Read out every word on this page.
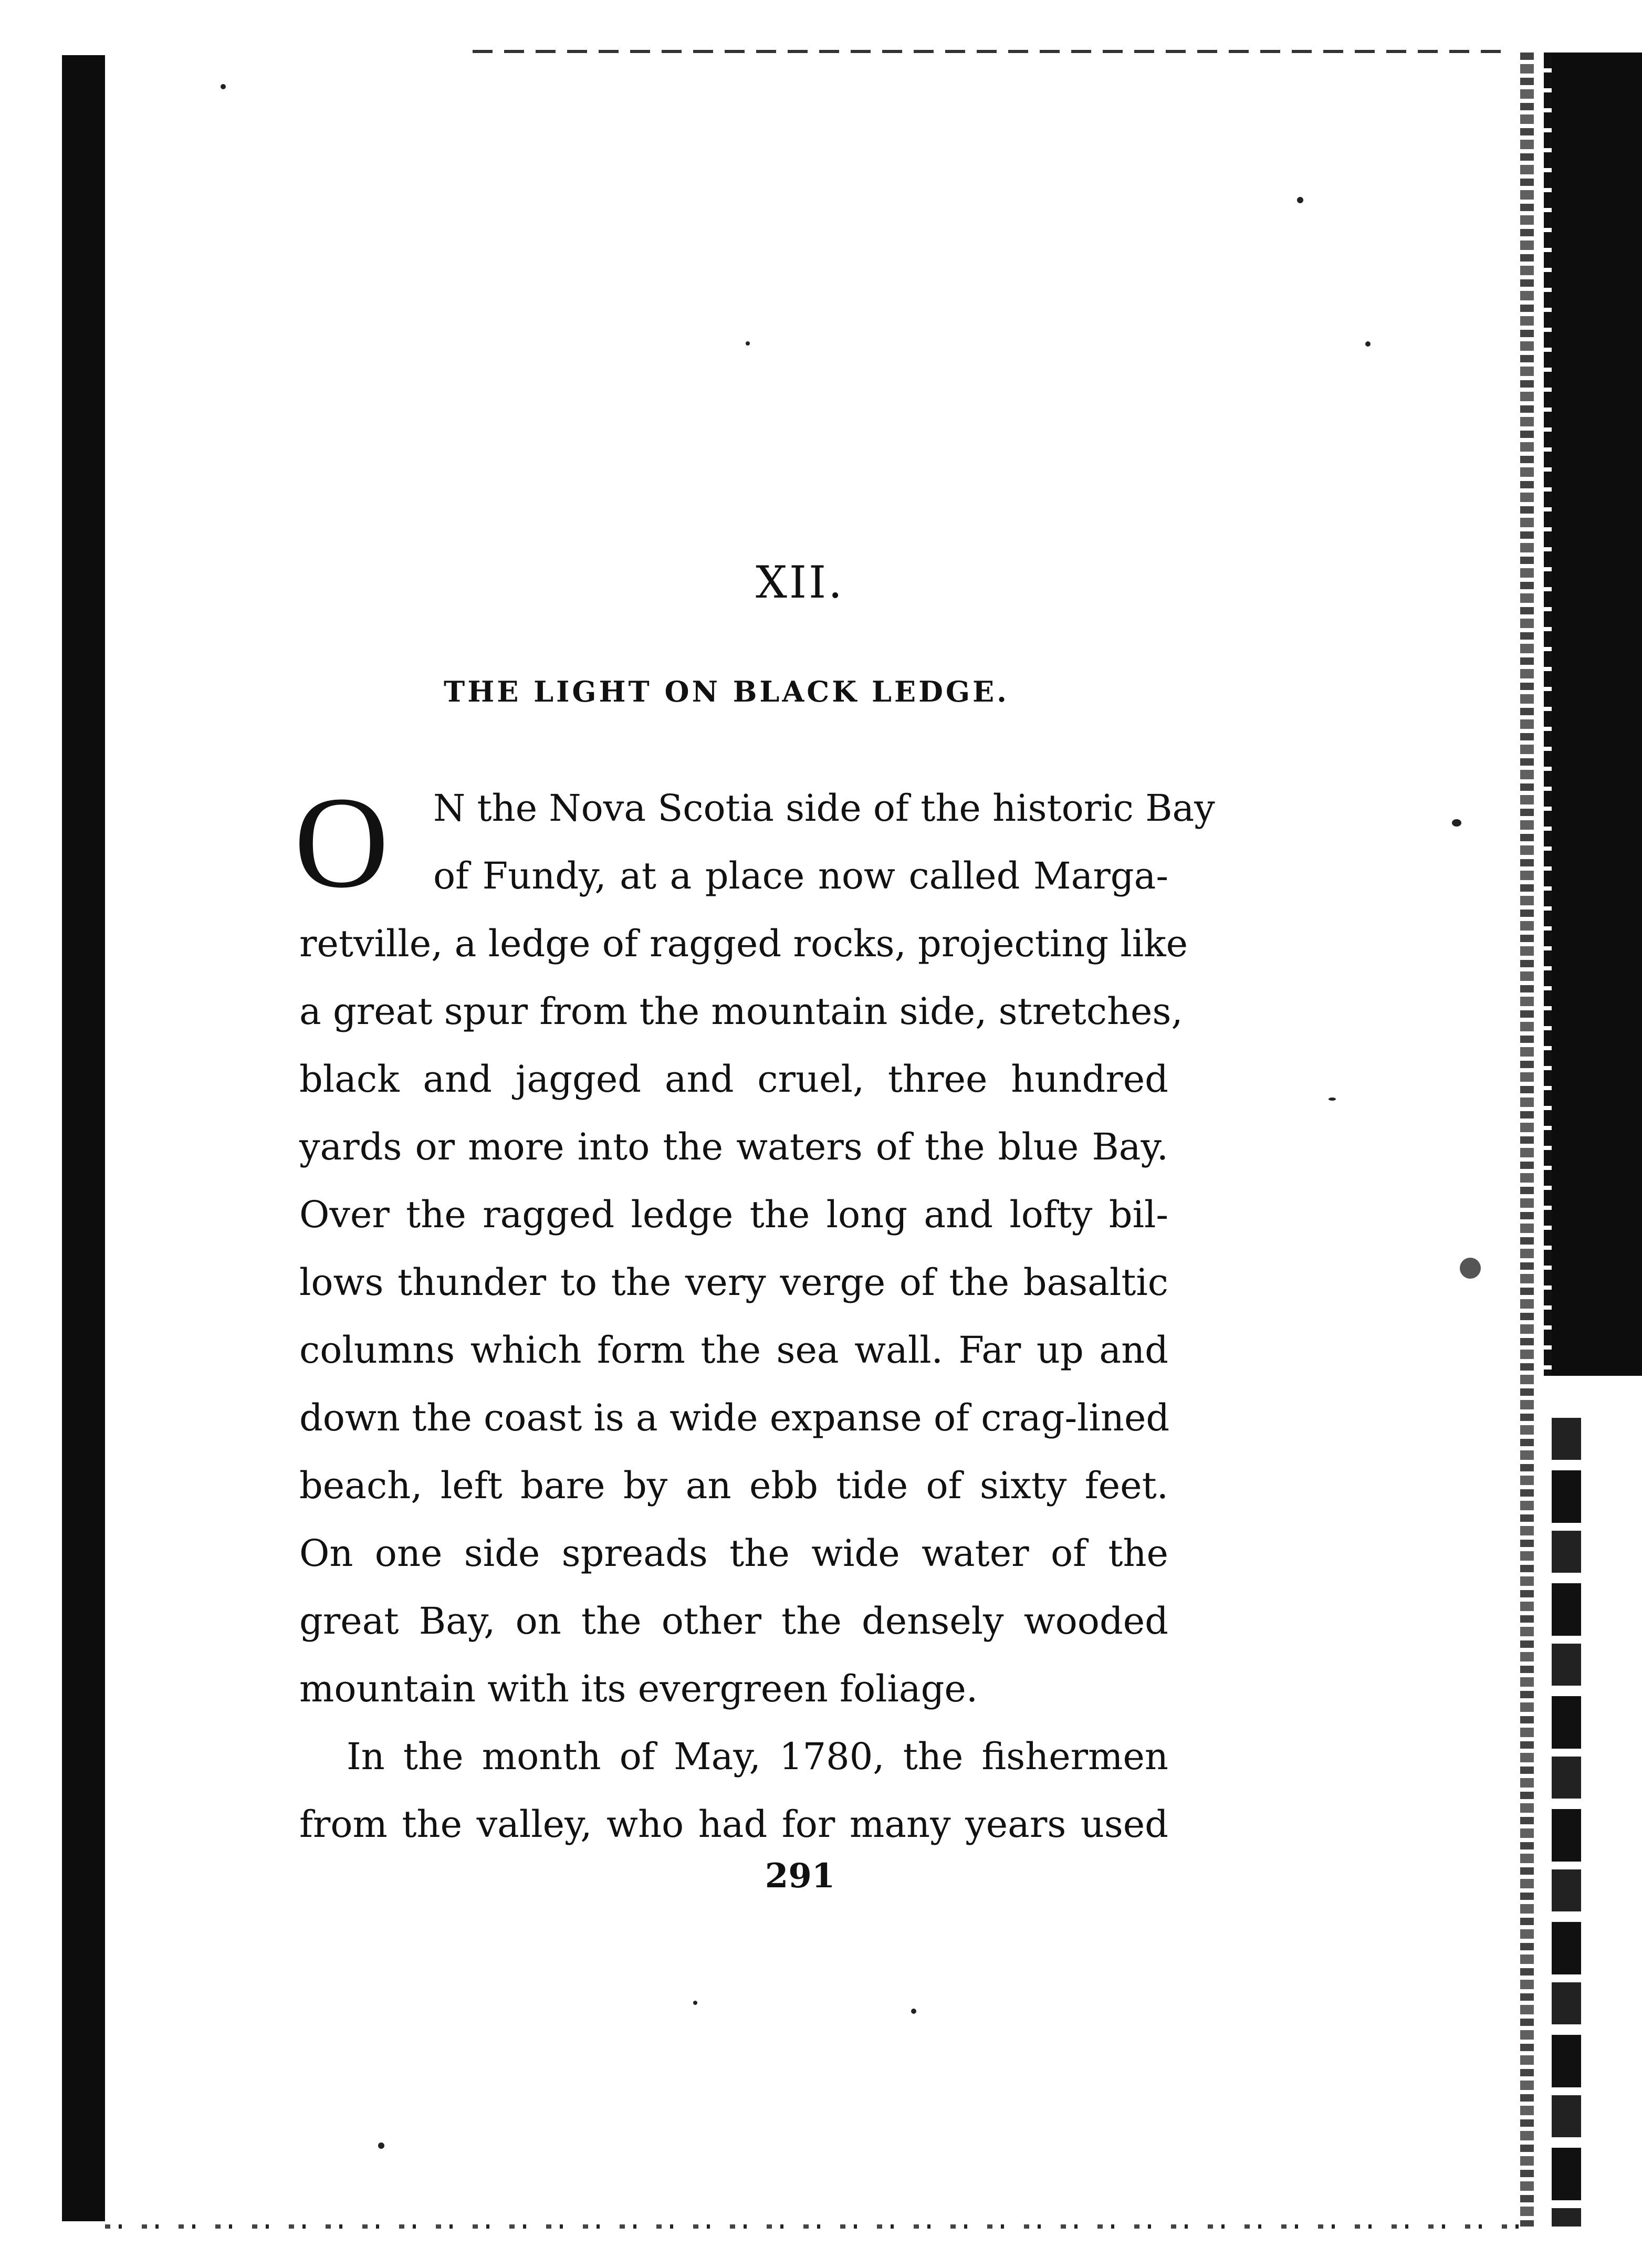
XII.
THE LIGHT ON BLACK LEDGE.
O	N the Nova Scotia side of the historic Bay
of Fundy, at a place now called Marga-
retville, a ledge of ragged rocks, projecting like
a great spur from the mountain side, stretches,
black and jagged and cruel, three hundred
yards or more into the waters of the blue Bay.
Over the ragged ledge the long and lofty bil-
lows thunder to the very verge of the basaltic
columns which form the sea wall. Far up and
down the coast is a wide expanse of crag-lined
beach, left bare by an ebb tide of sixty feet.
On one side spreads the wide water of the
great Bay, on the other the densely wooded
mountain with its evergreen foliage.
In the month of May, 1780, the fishermen
from the valley, who had for many years used
291
